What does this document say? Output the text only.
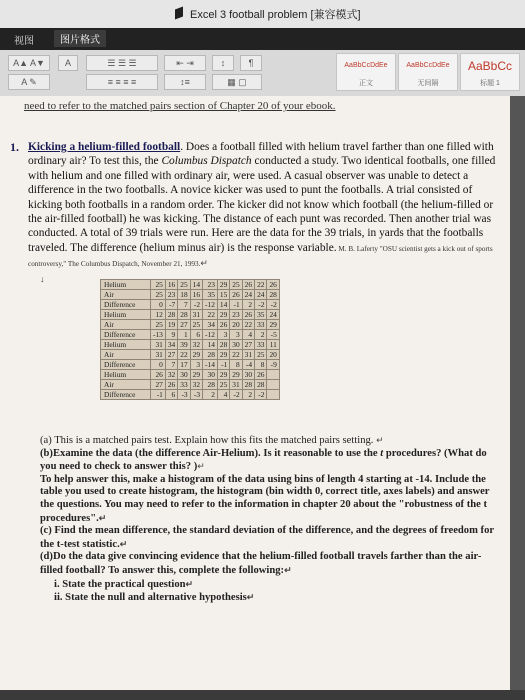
Excel 3 football problem [兼容模式]
视图	图片格式
A▲ A▼	A	☰ ☰ ☰	⇤ ⇥	↕	¶
A ✎	≡ ≡ ≡ ≡	↕≡	▦ ▢
AaBbCcDdEe
正文
AaBbCcDdEe
无间隔
AaBbCc
标题 1

need to refer to the matched pairs section of Chapter 20 of your ebook.

1. Kicking a helium-filled football. Does a football filled with helium travel farther than one filled with ordinary air? To test this, the Columbus Dispatch conducted a study. Two identical footballs, one filled with helium and one filled with ordinary air, were used. A casual observer was unable to detect a difference in the two footballs. A novice kicker was used to punt the footballs. A trial consisted of kicking both footballs in a random order. The kicker did not know which football (the helium-filled or the air-filled football) he was kicking. The distance of each punt was recorded. Then another trial was conducted. A total of 39 trials were run. Here are the data for the 39 trials, in yards that the footballs traveled. The difference (helium minus air) is the response variable. M. B. Laferty "OSU scientist gets a kick out of sports controversy," The Columbus Dispatch, November 21, 1993.↵
↓
Helium	25	16	25	14	23	29	25	26	22	26
Air	25	23	18	16	35	15	26	24	24	28
Difference	0	-7	7	-2	-12	14	-1	2	-2	-2
Helium	12	28	28	31	22	29	23	26	35	24
Air	25	19	27	25	34	26	20	22	33	29
Difference	-13	9	1	6	-12	3	3	4	2	-5
Helium	31	34	39	32	14	28	30	27	33	11
Air	31	27	22	29	28	29	22	31	25	20
Difference	0	7	17	3	-14	-1	8	-4	8	-9
Helium	26	32	30	29	30	29	29	30	26	
Air	27	26	33	32	28	25	31	28	28	
Difference	-1	6	-3	-3	2	4	-2	2	-2	

(a) This is a matched pairs test. Explain how this fits the matched pairs setting. ↵

(b)Examine the data (the difference Air-Helium). Is it reasonable to use the t procedures? (What do you need to check to answer this? )↵

To help answer this, make a histogram of the data using bins of length 4 starting at -14. Include the table you used to create histogram, the histogram (bin width 0, correct title, axes labels) and answer the questions. You may need to refer to the information in chapter 20 about the "robustness of the t procedures".↵

(c) Find the mean difference, the standard deviation of the difference, and the degrees of freedom for the t-test statistic.↵

(d)Do the data give convincing evidence that the helium-filled football travels farther than the air-filled football? To answer this, complete the following:↵

i. State the practical question↵

ii. State the null and alternative hypothesis↵
